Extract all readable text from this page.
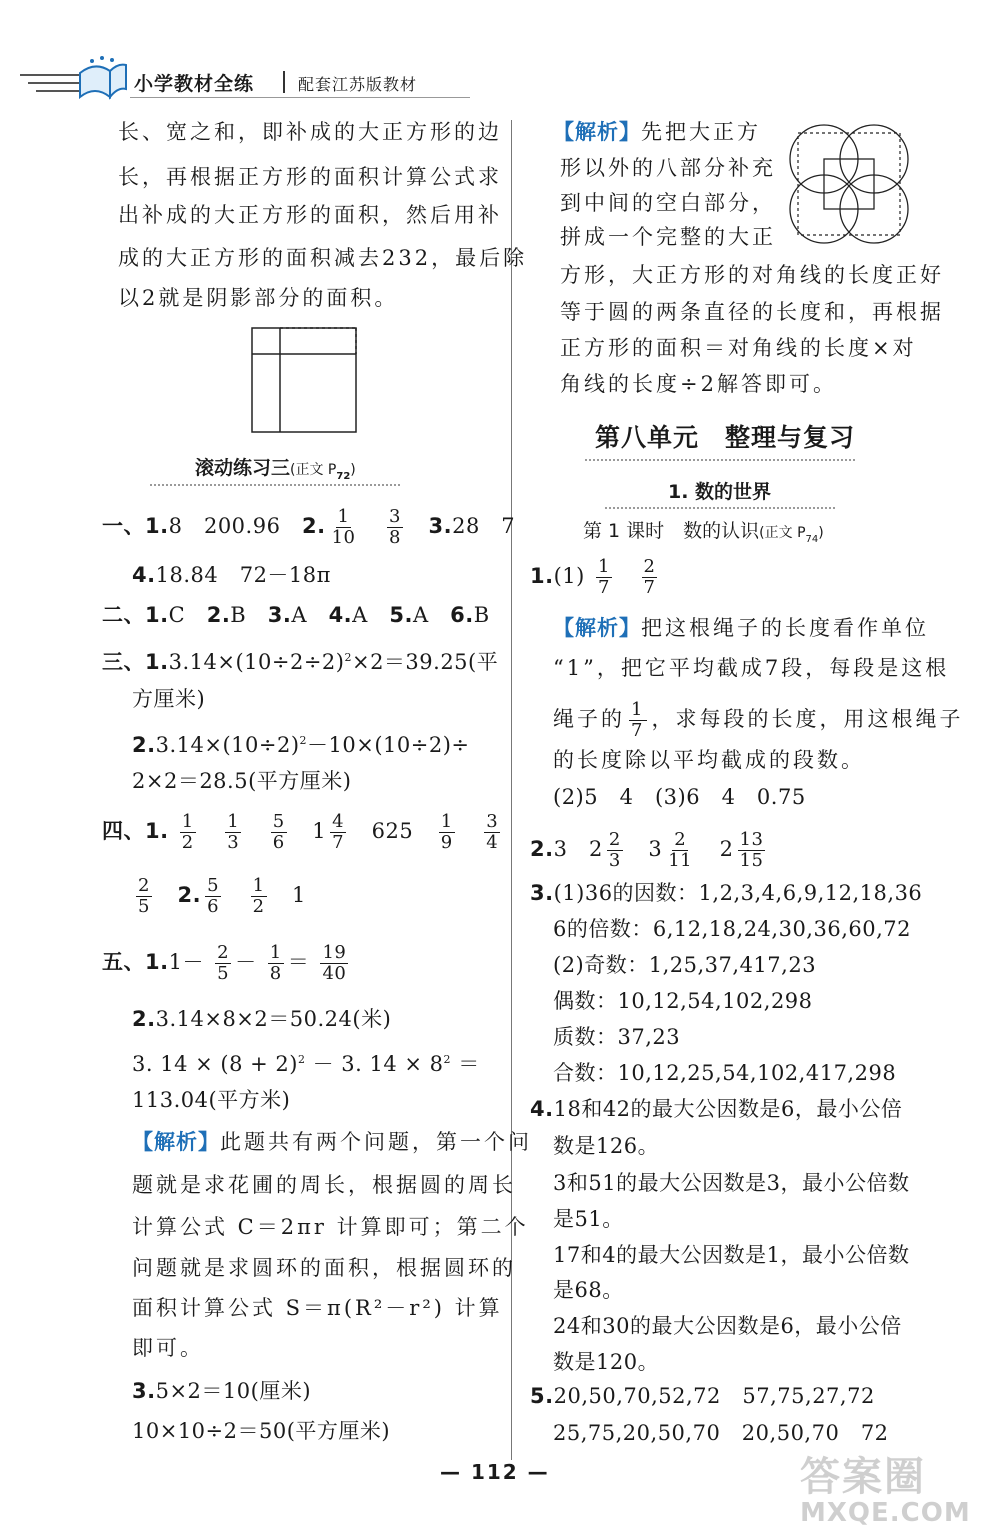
小学教材全练	配套江苏版教材
长、宽之和，即补成的大正方形的边
长，再根据正方形的面积计算公式求
出补成的大正方形的面积，然后用补
成的大正方形的面积减去232，最后除
以2就是阴影部分的面积。
滚动练习三(正文 $P_{72}$)
一、1.8　200.96 2. $\frac{1}{10}$
$\frac{3}{8} 3.28$　7
4.18.84　72－18π
二、1.C 2.B 3.A 4.A 5.A 6.B
三、$1.3.14\times(10\div 2\div 2)^2\times 2=39.25$(平
方厘米)
$2.3.14\times(10\div 2)^2-10\times(10\div 2)\div$
2×2＝28.5(平方厘米)
四、1. $\frac{1}{2}$
$\frac{1}{3}$
$\frac{5}{6} 1 \frac{4}{7} 625 \frac{1}{9}$
$\frac{3}{4}$
$\frac{2}{5} 2$. $\frac{5}{6}$
$\frac{1}{2} 1$
五、$1.1- \frac{2}{5} - \frac{1}{8} = \frac{19}{40}$
2.3.14×8×2＝50.24(米)
3. $14 \times (8 + 2)^2 - 3$. $14 \times 8^2$ ＝
113.04(平方米)
【解析】此题共有两个问题，第一个问
题就是求花圃的周长，根据圆的周长
计算公式 C＝2πr 计算即可；第二个
问题就是求圆环的面积，根据圆环的
面积计算公式 S＝π(R²－r²) 计算
即可。
3.5×2＝10(厘米)
10×10÷2＝50(平方厘米)
【解析】先把大正方
形以外的八部分补充
到中间的空白部分，
拼成一个完整的大正
方形，大正方形的对角线的长度正好
等于圆的两条直径的长度和，再根据
正方形的面积＝对角线的长度×对
角线的长度÷2解答即可。
第八单元　整理与复习
1. 数的世界
第 1 课时　数的认识(正文 $P_{74}$)
$1.(1) \frac{1}{7}$
$\frac{2}{7}$
【解析】把这根绳子的长度看作单位
“1”，把它平均截成7段，每段是这根
绳子的 $\frac{1}{7}$ ，求每段的长度，用这根绳子
的长度除以平均截成的段数。
(2)5　4　(3)6　4　0.75
2.3 $2 \frac{2}{3} 3 \frac{2}{11} 2 \frac{13}{15}$
3.(1)36的因数：1,2,3,4,6,9,12,18,36
6的倍数：6,12,18,24,30,36,60,72
(2)奇数：1,25,37,417,23
偶数：10,12,54,102,298
质数：37,23
合数：10,12,25,54,102,417,298
4.18和42的最大公因数是6，最小公倍
数是126。
3和51的最大公因数是3，最小公倍数
是51。
17和4的最大公因数是1，最小公倍数
是68。
24和30的最大公因数是6，最小公倍
数是120。
5.20,50,70,52,72　57,75,27,72
25,75,20,50,70　20,50,70　72
— 112 —	答案圈
MXQE.COM
